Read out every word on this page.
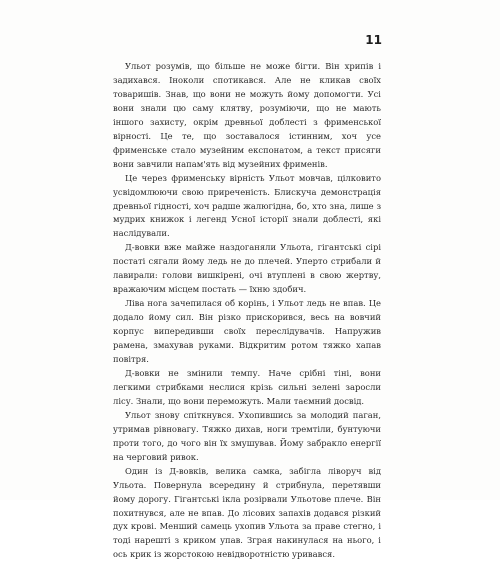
11

Ульот розумів, що більше не може бігти. Він хрипів і задихався. Іноколи спотикався. Але не кликав своїх товаришів. Знав, що вони не можуть йому допомогти. Усі вони знали цю саму клятву, розуміючи, що не мають іншого захисту, окрім древньої доблесті з фрименської вірності. Це те, що зоставалося істинним, хоч усе фрименське стало музейним експонатом, а текст присяги вони завчили напам'ять від музейних фрименів.

Це через фрименську вірність Ульот мовчав, цілковито усвідомлюючи свою приреченість. Блискуча демонстрація древньої гідності, хоч радше жалюгідна, бо, хто зна, лише з мудрих книжок і легенд Усної історії знали доблесті, які наслідували.

Д-вовки вже майже наздоганяли Ульота, гігантські сірі постаті сягали йому ледь не до плечей. Уперто стрибали й лавирали: голови вишкірені, очі втуплені в свою жертву, вражаючим місцем постать — їхню здобич.

Ліва нога зачепилася об корінь, і Ульот ледь не впав. Це додало йому сил. Він різко прискорився, весь на вовчий корпус випередивши своїх переслідувачів. Напружив рамена, змахував руками. Відкритим ротом тяжко хапав повітря.

Д-вовки не змінили темпу. Наче срібні тіні, вони легкими стрибками неслися крізь сильні зелені заросли лісу. Знали, що вони переможуть. Мали таємний досвід.

Ульот знову спіткнувся. Ухопившись за молодий паган, утримав рівновагу. Тяжко дихав, ноги тремтіли, бунтуючи проти того, до чого він їх змушував. Йому забракло енергії на черговий ривок.

Один із Д-вовків, велика самка, забігла ліворуч від Ульота. Повернула всередину й стрибнула, перетявши йому дорогу. Гігантські ікла розірвали Ульотове плече. Він похитнувся, але не впав. До лісових запахів додався різкий дух крові. Менший самець ухопив Ульота за праве стегно, і тоді нарешті з криком упав. Зграя накинулася на нього, і ось крик із жорстокою невідворотністю уривався.
